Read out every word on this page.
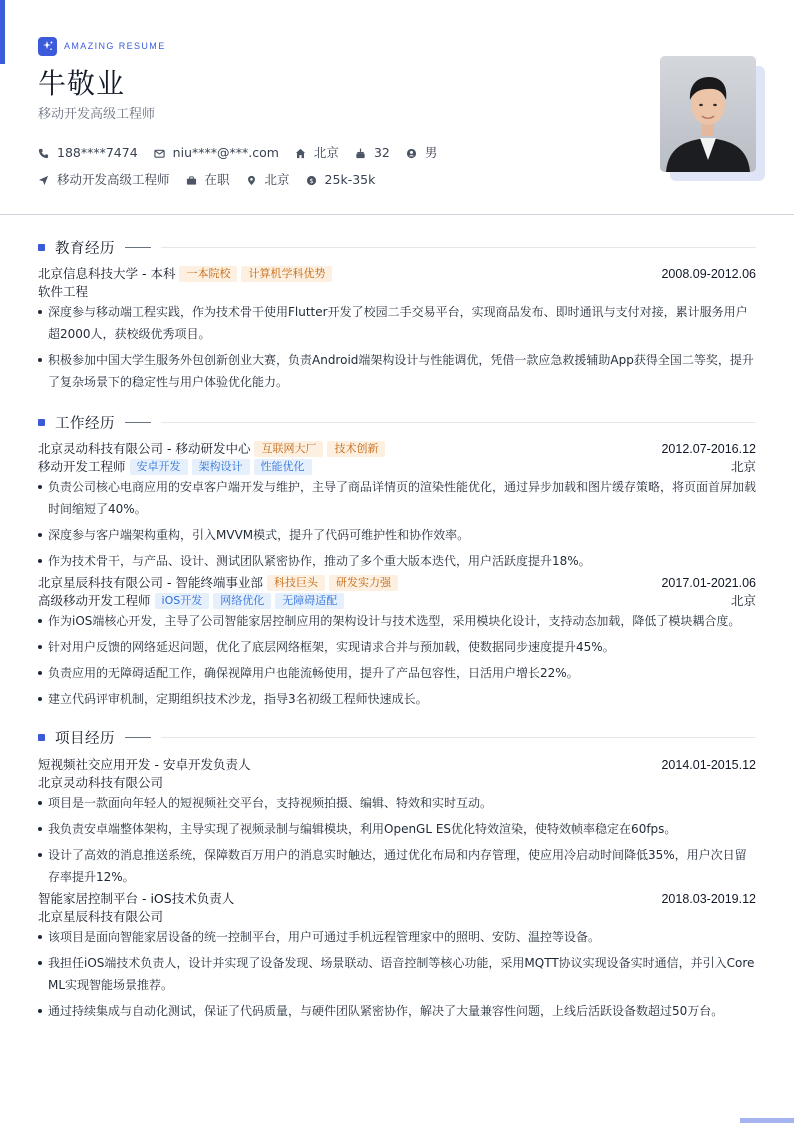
AMAZING RESUME
牛敬业
移动开发高级工程师
188****7474	niu****@***.com	北京	32	男
移动开发高级工程师	在职	北京	$ 25k-35k
教育经历
北京信息科技大学 - 本科	一本院校	计算机学科优势	2008.09-2012.06
软件工程
深度参与移动端工程实践，作为技术骨干使用Flutter开发了校园二手交易平台，实现商品发布、即时通讯与支付对接，累计服务用户超2000人，获校级优秀项目。
积极参加中国大学生服务外包创新创业大赛，负责Android端架构设计与性能调优，凭借一款应急救援辅助App获得全国二等奖，提升了复杂场景下的稳定性与用户体验优化能力。
工作经历
北京灵动科技有限公司 - 移动研发中心	互联网大厂	技术创新	2012.07-2016.12
移动开发工程师	安卓开发	架构设计	性能优化	北京
负责公司核心电商应用的安卓客户端开发与维护，主导了商品详情页的渲染性能优化，通过异步加载和图片缓存策略，将页面首屏加载时间缩短了40%。
深度参与客户端架构重构，引入MVVM模式，提升了代码可维护性和协作效率。
作为技术骨干，与产品、设计、测试团队紧密协作，推动了多个重大版本迭代，用户活跃度提升18%。
北京星辰科技有限公司 - 智能终端事业部	科技巨头	研发实力强	2017.01-2021.06
高级移动开发工程师	iOS开发	网络优化	无障碍适配	北京
作为iOS端核心开发，主导了公司智能家居控制应用的架构设计与技术选型，采用模块化设计，支持动态加载，降低了模块耦合度。
针对用户反馈的网络延迟问题，优化了底层网络框架，实现请求合并与预加载，使数据同步速度提升45%。
负责应用的无障碍适配工作，确保视障用户也能流畅使用，提升了产品包容性，日活用户增长22%。
建立代码评审机制，定期组织技术沙龙，指导3名初级工程师快速成长。
项目经历
短视频社交应用开发 - 安卓开发负责人	2014.01-2015.12
北京灵动科技有限公司
项目是一款面向年轻人的短视频社交平台，支持视频拍摄、编辑、特效和实时互动。
我负责安卓端整体架构，主导实现了视频录制与编辑模块，利用OpenGL ES优化特效渲染，使特效帧率稳定在60fps。
设计了高效的消息推送系统，保障数百万用户的消息实时触达，通过优化布局和内存管理，使应用冷启动时间降低35%，用户次日留存率提升12%。
智能家居控制平台 - iOS技术负责人	2018.03-2019.12
北京星辰科技有限公司
该项目是面向智能家居设备的统一控制平台，用户可通过手机远程管理家中的照明、安防、温控等设备。
我担任iOS端技术负责人，设计并实现了设备发现、场景联动、语音控制等核心功能，采用MQTT协议实现设备实时通信，并引入Core ML实现智能场景推荐。
通过持续集成与自动化测试，保证了代码质量，与硬件团队紧密协作，解决了大量兼容性问题，上线后活跃设备数超过50万台。
